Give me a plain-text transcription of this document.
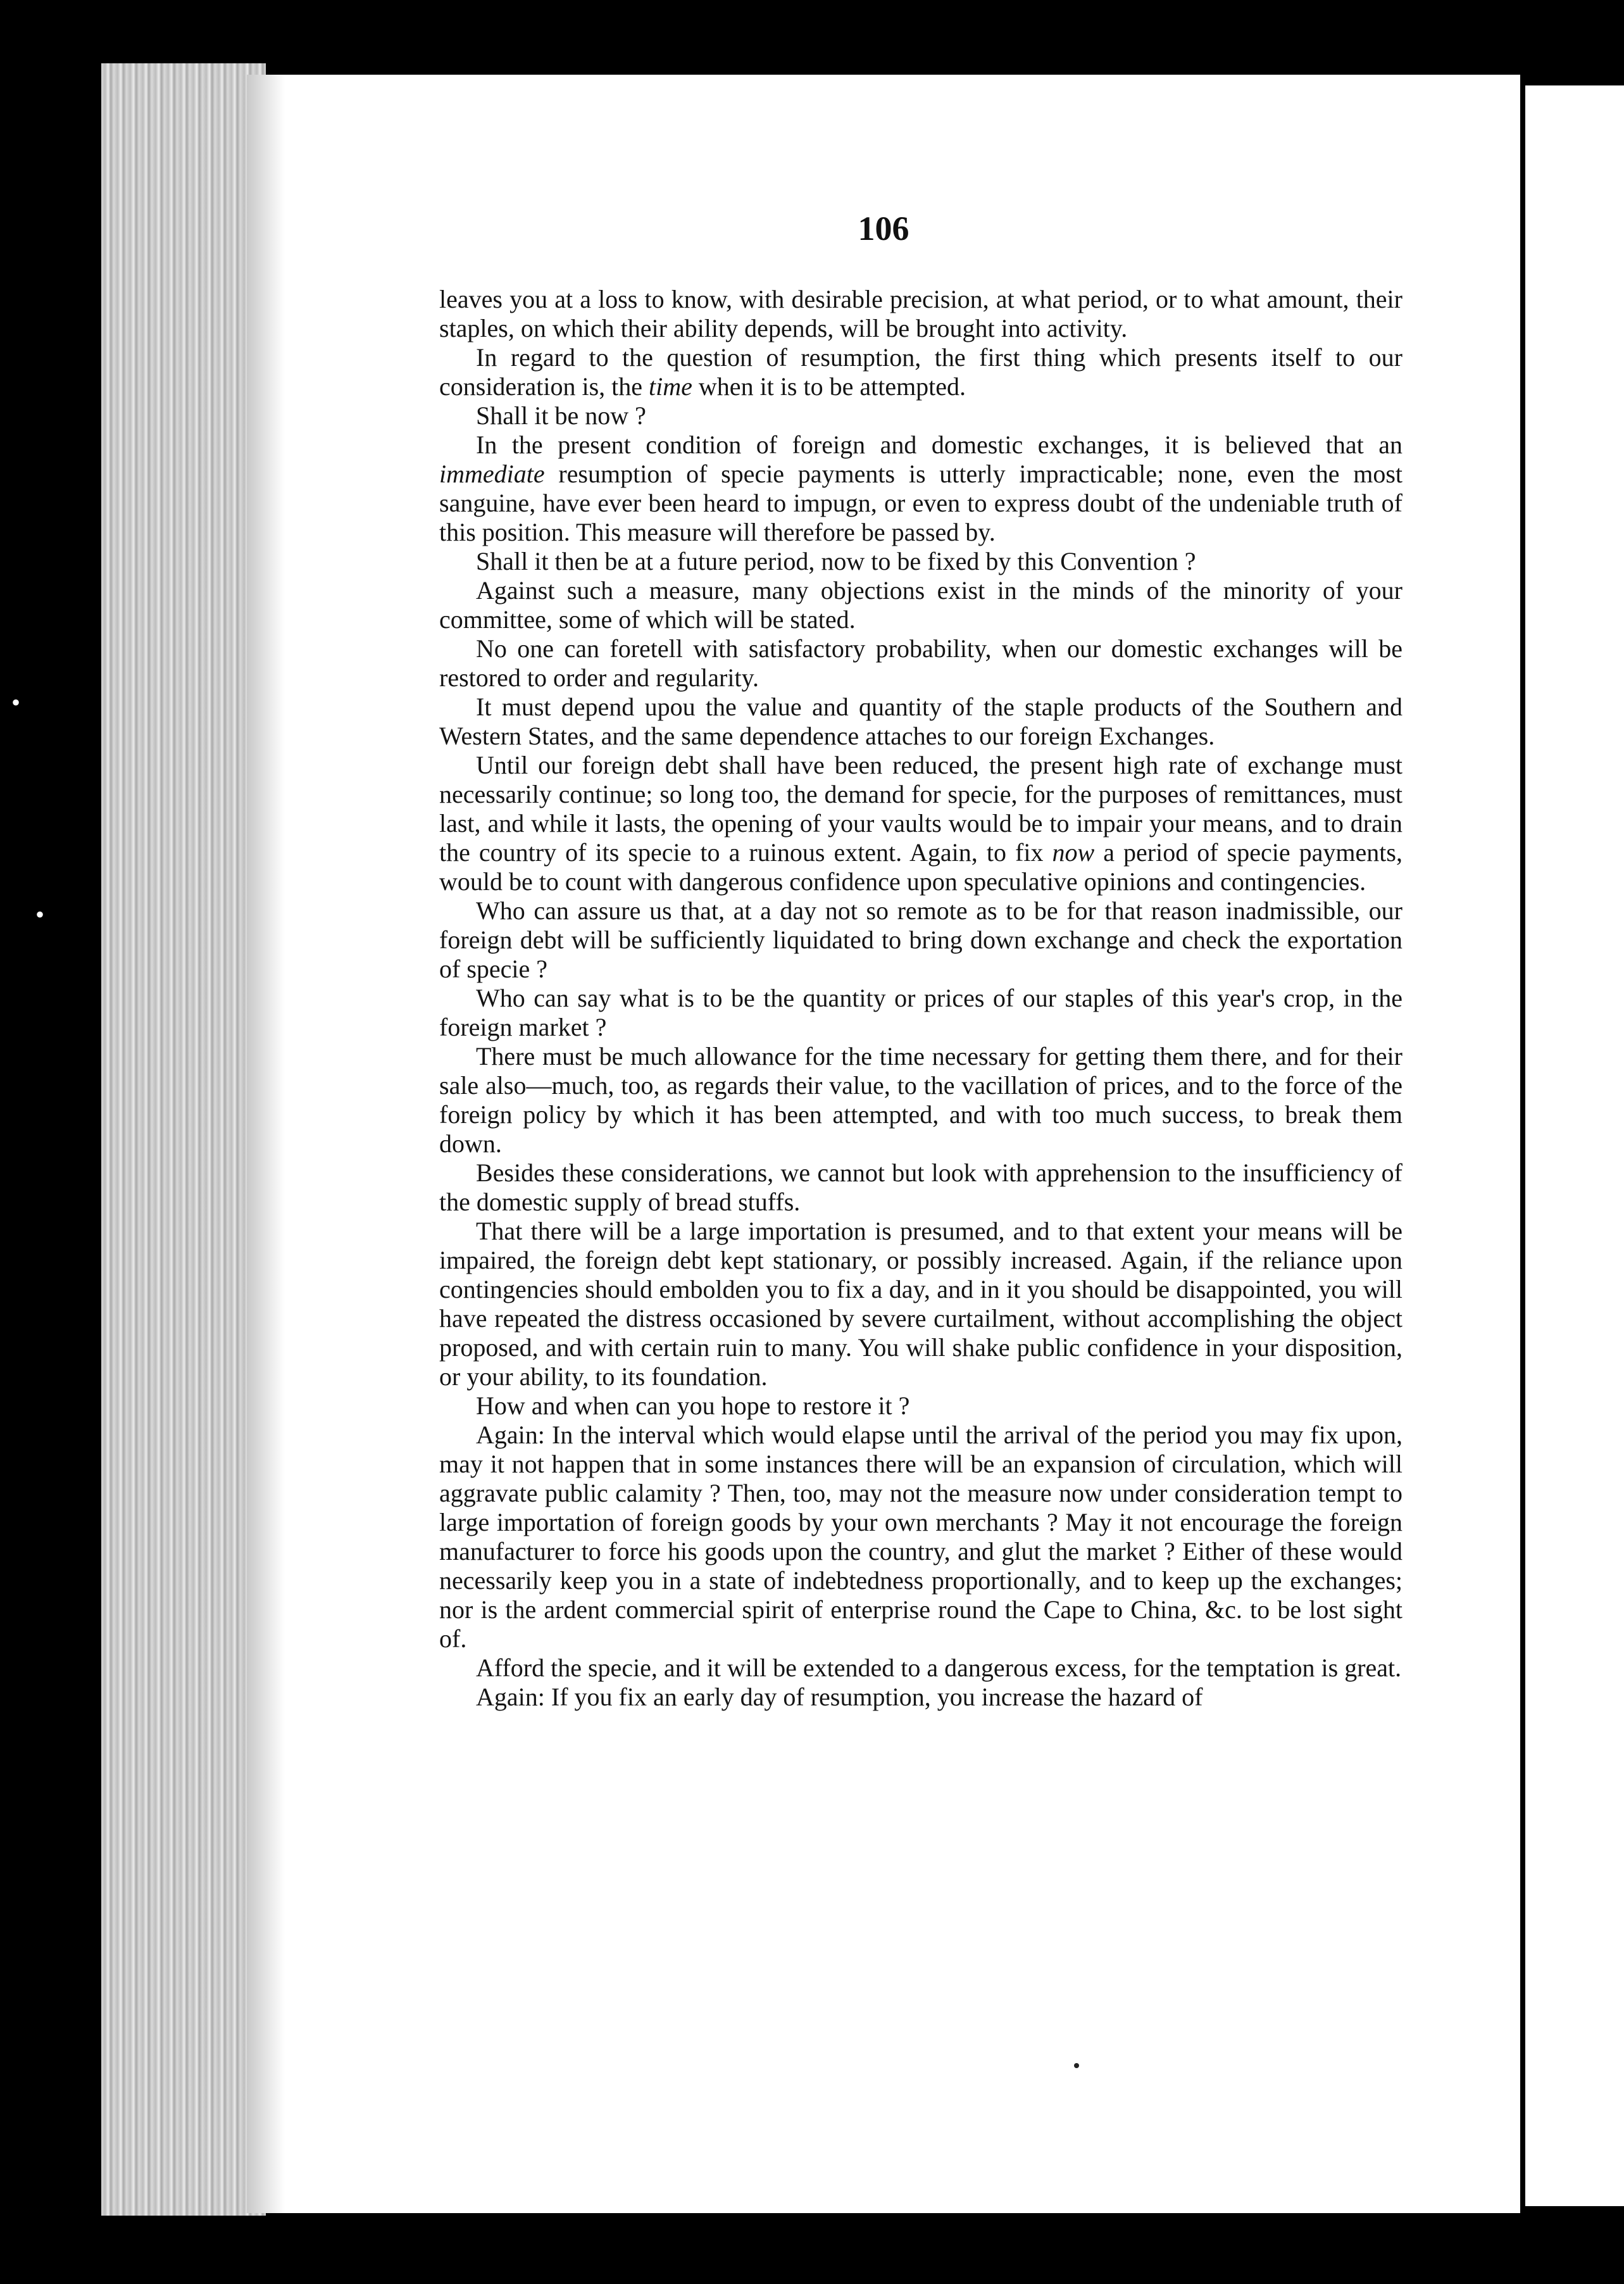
•
•
106

leaves you at a loss to know, with desirable precision, at what period, or to what amount, their staples, on which their ability depends, will be brought into activity.

In regard to the question of resumption, the first thing which presents itself to our consideration is, the time when it is to be attempted.

Shall it be now ?

In the present condition of foreign and domestic exchanges, it is believed that an immediate resumption of specie payments is utterly impracticable; none, even the most sanguine, have ever been heard to impugn, or even to express doubt of the undeniable truth of this position. This measure will therefore be passed by.

Shall it then be at a future period, now to be fixed by this Convention ?

Against such a measure, many objections exist in the minds of the minority of your committee, some of which will be stated.

No one can foretell with satisfactory probability, when our domestic exchanges will be restored to order and regularity.

It must depend upou the value and quantity of the staple products of the Southern and Western States, and the same dependence attaches to our foreign Exchanges.

Until our foreign debt shall have been reduced, the present high rate of exchange must necessarily continue; so long too, the demand for specie, for the purposes of remittances, must last, and while it lasts, the opening of your vaults would be to impair your means, and to drain the country of its specie to a ruinous extent. Again, to fix now a period of specie payments, would be to count with dangerous confidence upon speculative opinions and contingencies.

Who can assure us that, at a day not so remote as to be for that reason inadmissible, our foreign debt will be sufficiently liquidated to bring down exchange and check the exportation of specie ?

Who can say what is to be the quantity or prices of our staples of this year's crop, in the foreign market ?

There must be much allowance for the time necessary for getting them there, and for their sale also—much, too, as regards their value, to the vacillation of prices, and to the force of the foreign policy by which it has been attempted, and with too much success, to break them down.

Besides these considerations, we cannot but look with apprehension to the insufficiency of the domestic supply of bread stuffs.

That there will be a large importation is presumed, and to that extent your means will be impaired, the foreign debt kept stationary, or possibly increased. Again, if the reliance upon contingencies should embolden you to fix a day, and in it you should be disappointed, you will have repeated the distress occasioned by severe curtailment, without accomplishing the object proposed, and with certain ruin to many. You will shake public confidence in your disposition, or your ability, to its foundation.

How and when can you hope to restore it ?

Again: In the interval which would elapse until the arrival of the period you may fix upon, may it not happen that in some instances there will be an expansion of circulation, which will aggravate public calamity ? Then, too, may not the measure now under consideration tempt to large importation of foreign goods by your own merchants ? May it not encourage the foreign manufacturer to force his goods upon the country, and glut the market ? Either of these would necessarily keep you in a state of indebtedness proportionally, and to keep up the exchanges; nor is the ardent commercial spirit of enterprise round the Cape to China, &c. to be lost sight of.

Afford the specie, and it will be extended to a dangerous excess, for the temptation is great.

Again: If you fix an early day of resumption, you increase the hazard of
